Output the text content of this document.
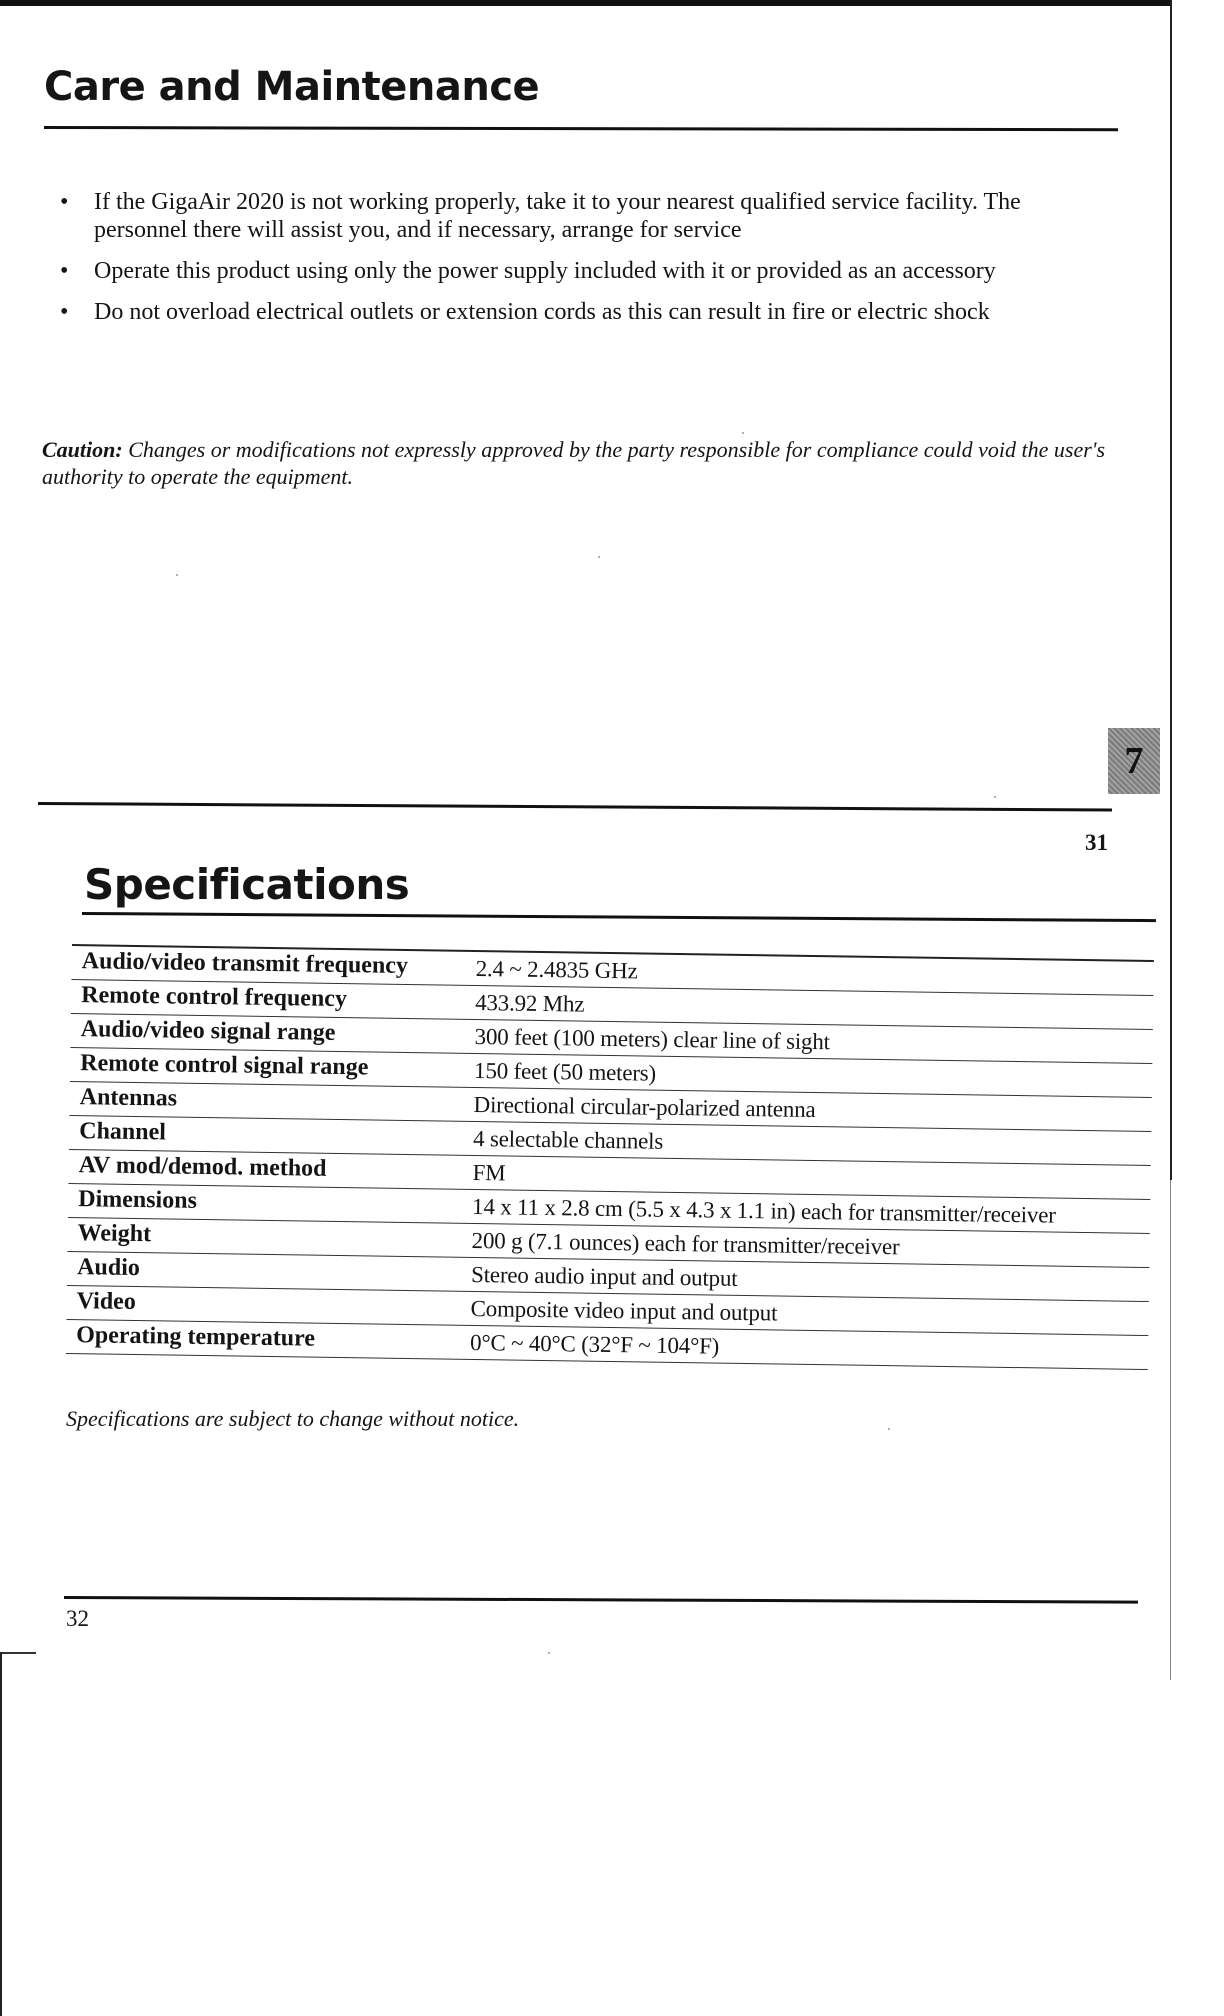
Care and Maintenance
• If the GigaAir 2020 is not working properly, take it to your nearest qualified service facility. The personnel there will assist you, and if necessary, arrange for service
• Operate this product using only the power supply included with it or provided as an accessory
• Do not overload electrical outlets or extension cords as this can result in fire or electric shock

Caution: Changes or modifications not expressly approved by the party responsible for compliance could void the user's authority to operate the equipment.

7
31
Specifications
Audio/video transmit frequency	2.4 ~ 2.4835 GHz
Remote control frequency	433.92 Mhz
Audio/video signal range	300 feet (100 meters) clear line of sight
Remote control signal range	150 feet (50 meters)
Antennas	Directional circular-polarized antenna
Channel	4 selectable channels
AV mod/demod. method	FM
Dimensions	14 x 11 x 2.8 cm (5.5 x 4.3 x 1.1 in) each for transmitter/receiver
Weight	200 g (7.1 ounces) each for transmitter/receiver
Audio	Stereo audio input and output
Video	Composite video input and output
Operating temperature	0°C ~ 40°C (32°F ~ 104°F)

Specifications are subject to change without notice.

32
